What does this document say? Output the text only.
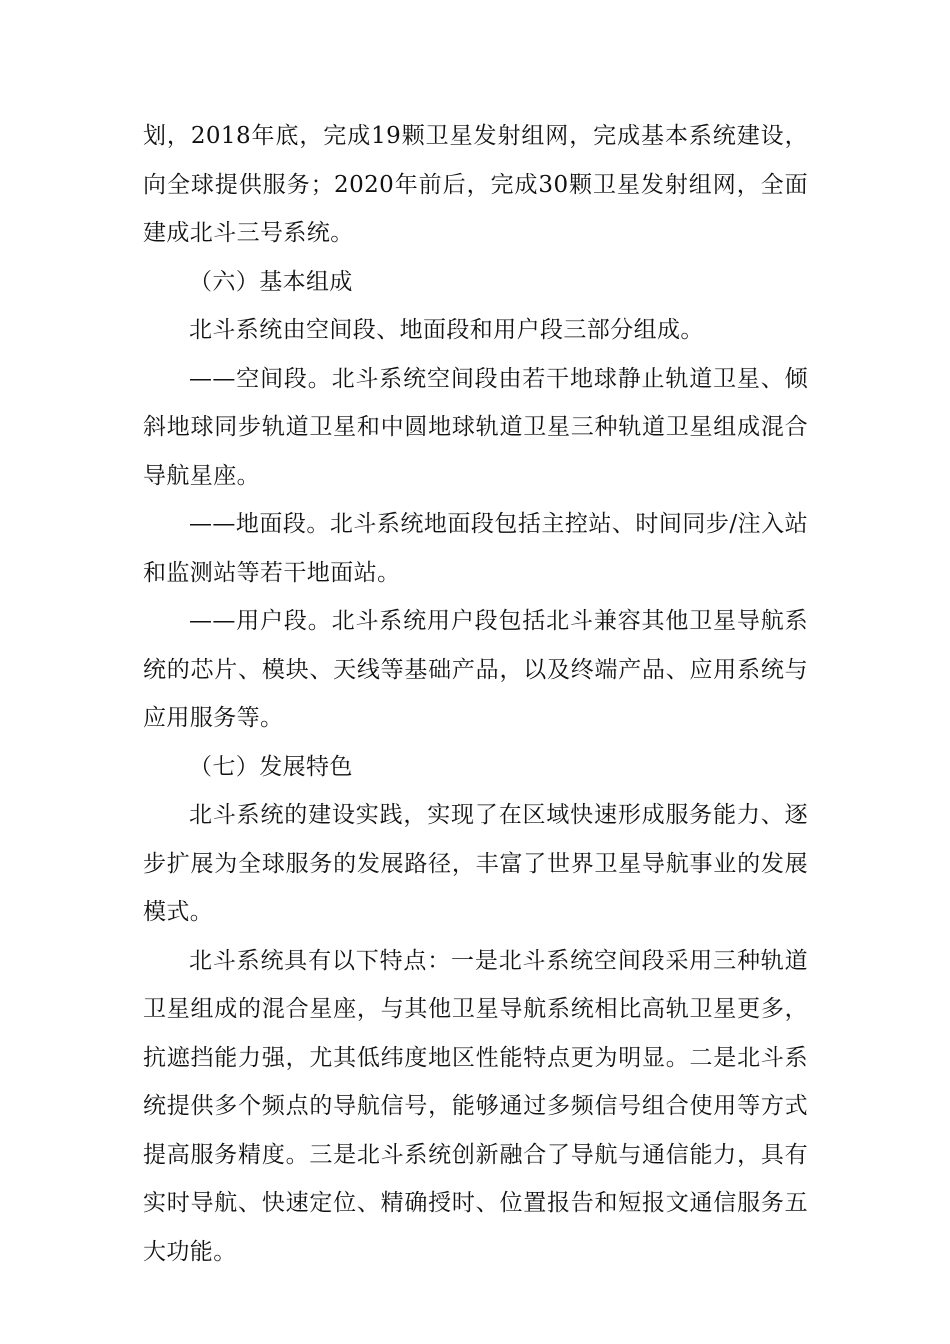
划，2018年底，完成19颗卫星发射组网，完成基本系统建设，向全球提供服务；2020年前后，完成30颗卫星发射组网，全面建成北斗三号系统。

（六）基本组成

北斗系统由空间段、地面段和用户段三部分组成。

——空间段。北斗系统空间段由若干地球静止轨道卫星、倾斜地球同步轨道卫星和中圆地球轨道卫星三种轨道卫星组成混合导航星座。

——地面段。北斗系统地面段包括主控站、时间同步/注入站和监测站等若干地面站。

——用户段。北斗系统用户段包括北斗兼容其他卫星导航系统的芯片、模块、天线等基础产品，以及终端产品、应用系统与应用服务等。

（七）发展特色

北斗系统的建设实践，实现了在区域快速形成服务能力、逐步扩展为全球服务的发展路径，丰富了世界卫星导航事业的发展模式。

北斗系统具有以下特点：一是北斗系统空间段采用三种轨道卫星组成的混合星座，与其他卫星导航系统相比高轨卫星更多，抗遮挡能力强，尤其低纬度地区性能特点更为明显。二是北斗系统提供多个频点的导航信号，能够通过多频信号组合使用等方式提高服务精度。三是北斗系统创新融合了导航与通信能力，具有实时导航、快速定位、精确授时、位置报告和短报文通信服务五大功能。
